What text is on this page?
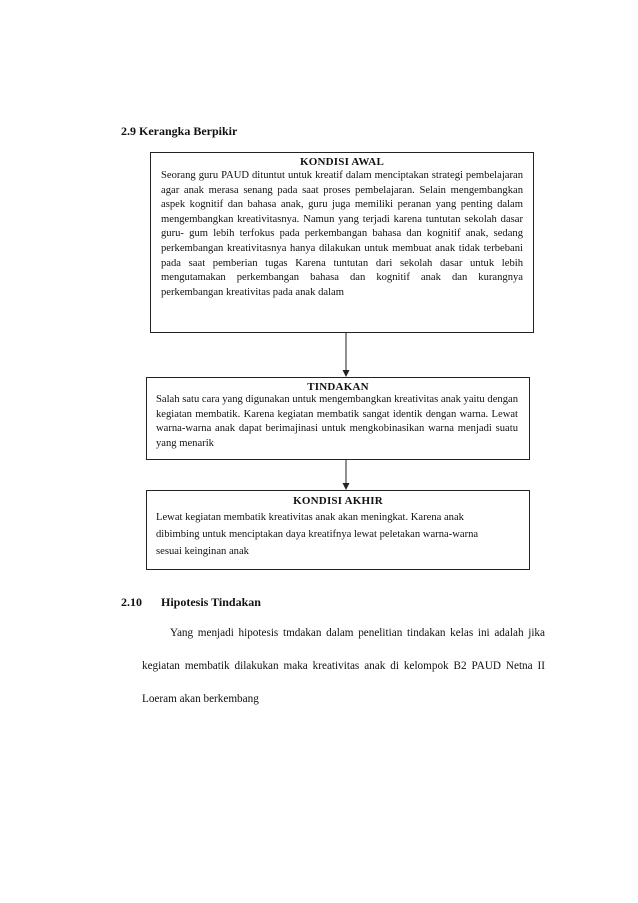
2.9 Kerangka Berpikir

KONDISI AWAL

Seorang guru PAUD dituntut untuk kreatif dalam menciptakan strategi pembelajaran agar anak merasa senang pada saat proses pembelajaran. Selain mengembangkan aspek kognitif dan bahasa anak, guru juga memiliki peranan yang penting dalam mengembangkan kreativitasnya. Namun yang terjadi karena tuntutan sekolah dasar guru- gum lebih terfokus pada perkembangan bahasa dan kognitif anak, sedang perkembangan kreativitasnya hanya dilakukan untuk membuat anak tidak terbebani pada saat pemberian tugas Karena tuntutan dari sekolah dasar untuk lebih mengutamakan perkembangan bahasa dan kognitif anak dan kurangnya perkembangan kreativitas pada anak dalam

TINDAKAN

Salah satu cara yang digunakan untuk mengembangkan kreativitas anak yaitu dengan kegiatan membatik. Karena kegiatan membatik sangat identik dengan warna. Lewat warna-warna anak dapat berimajinasi untuk mengkobinasikan warna menjadi suatu yang menarik

KONDISI AKHIR

Lewat kegiatan membatik kreativitas anak akan meningkat. Karena anak dibimbing untuk menciptakan daya kreatifnya lewat peletakan warna-warna sesuai keinginan anak

2.10 Hipotesis Tindakan

Yang menjadi hipotesis tmdakan dalam penelitian tindakan kelas ini adalah jika kegiatan membatik dilakukan maka kreativitas anak di kelompok B2 PAUD Netna II Loeram akan berkembang
